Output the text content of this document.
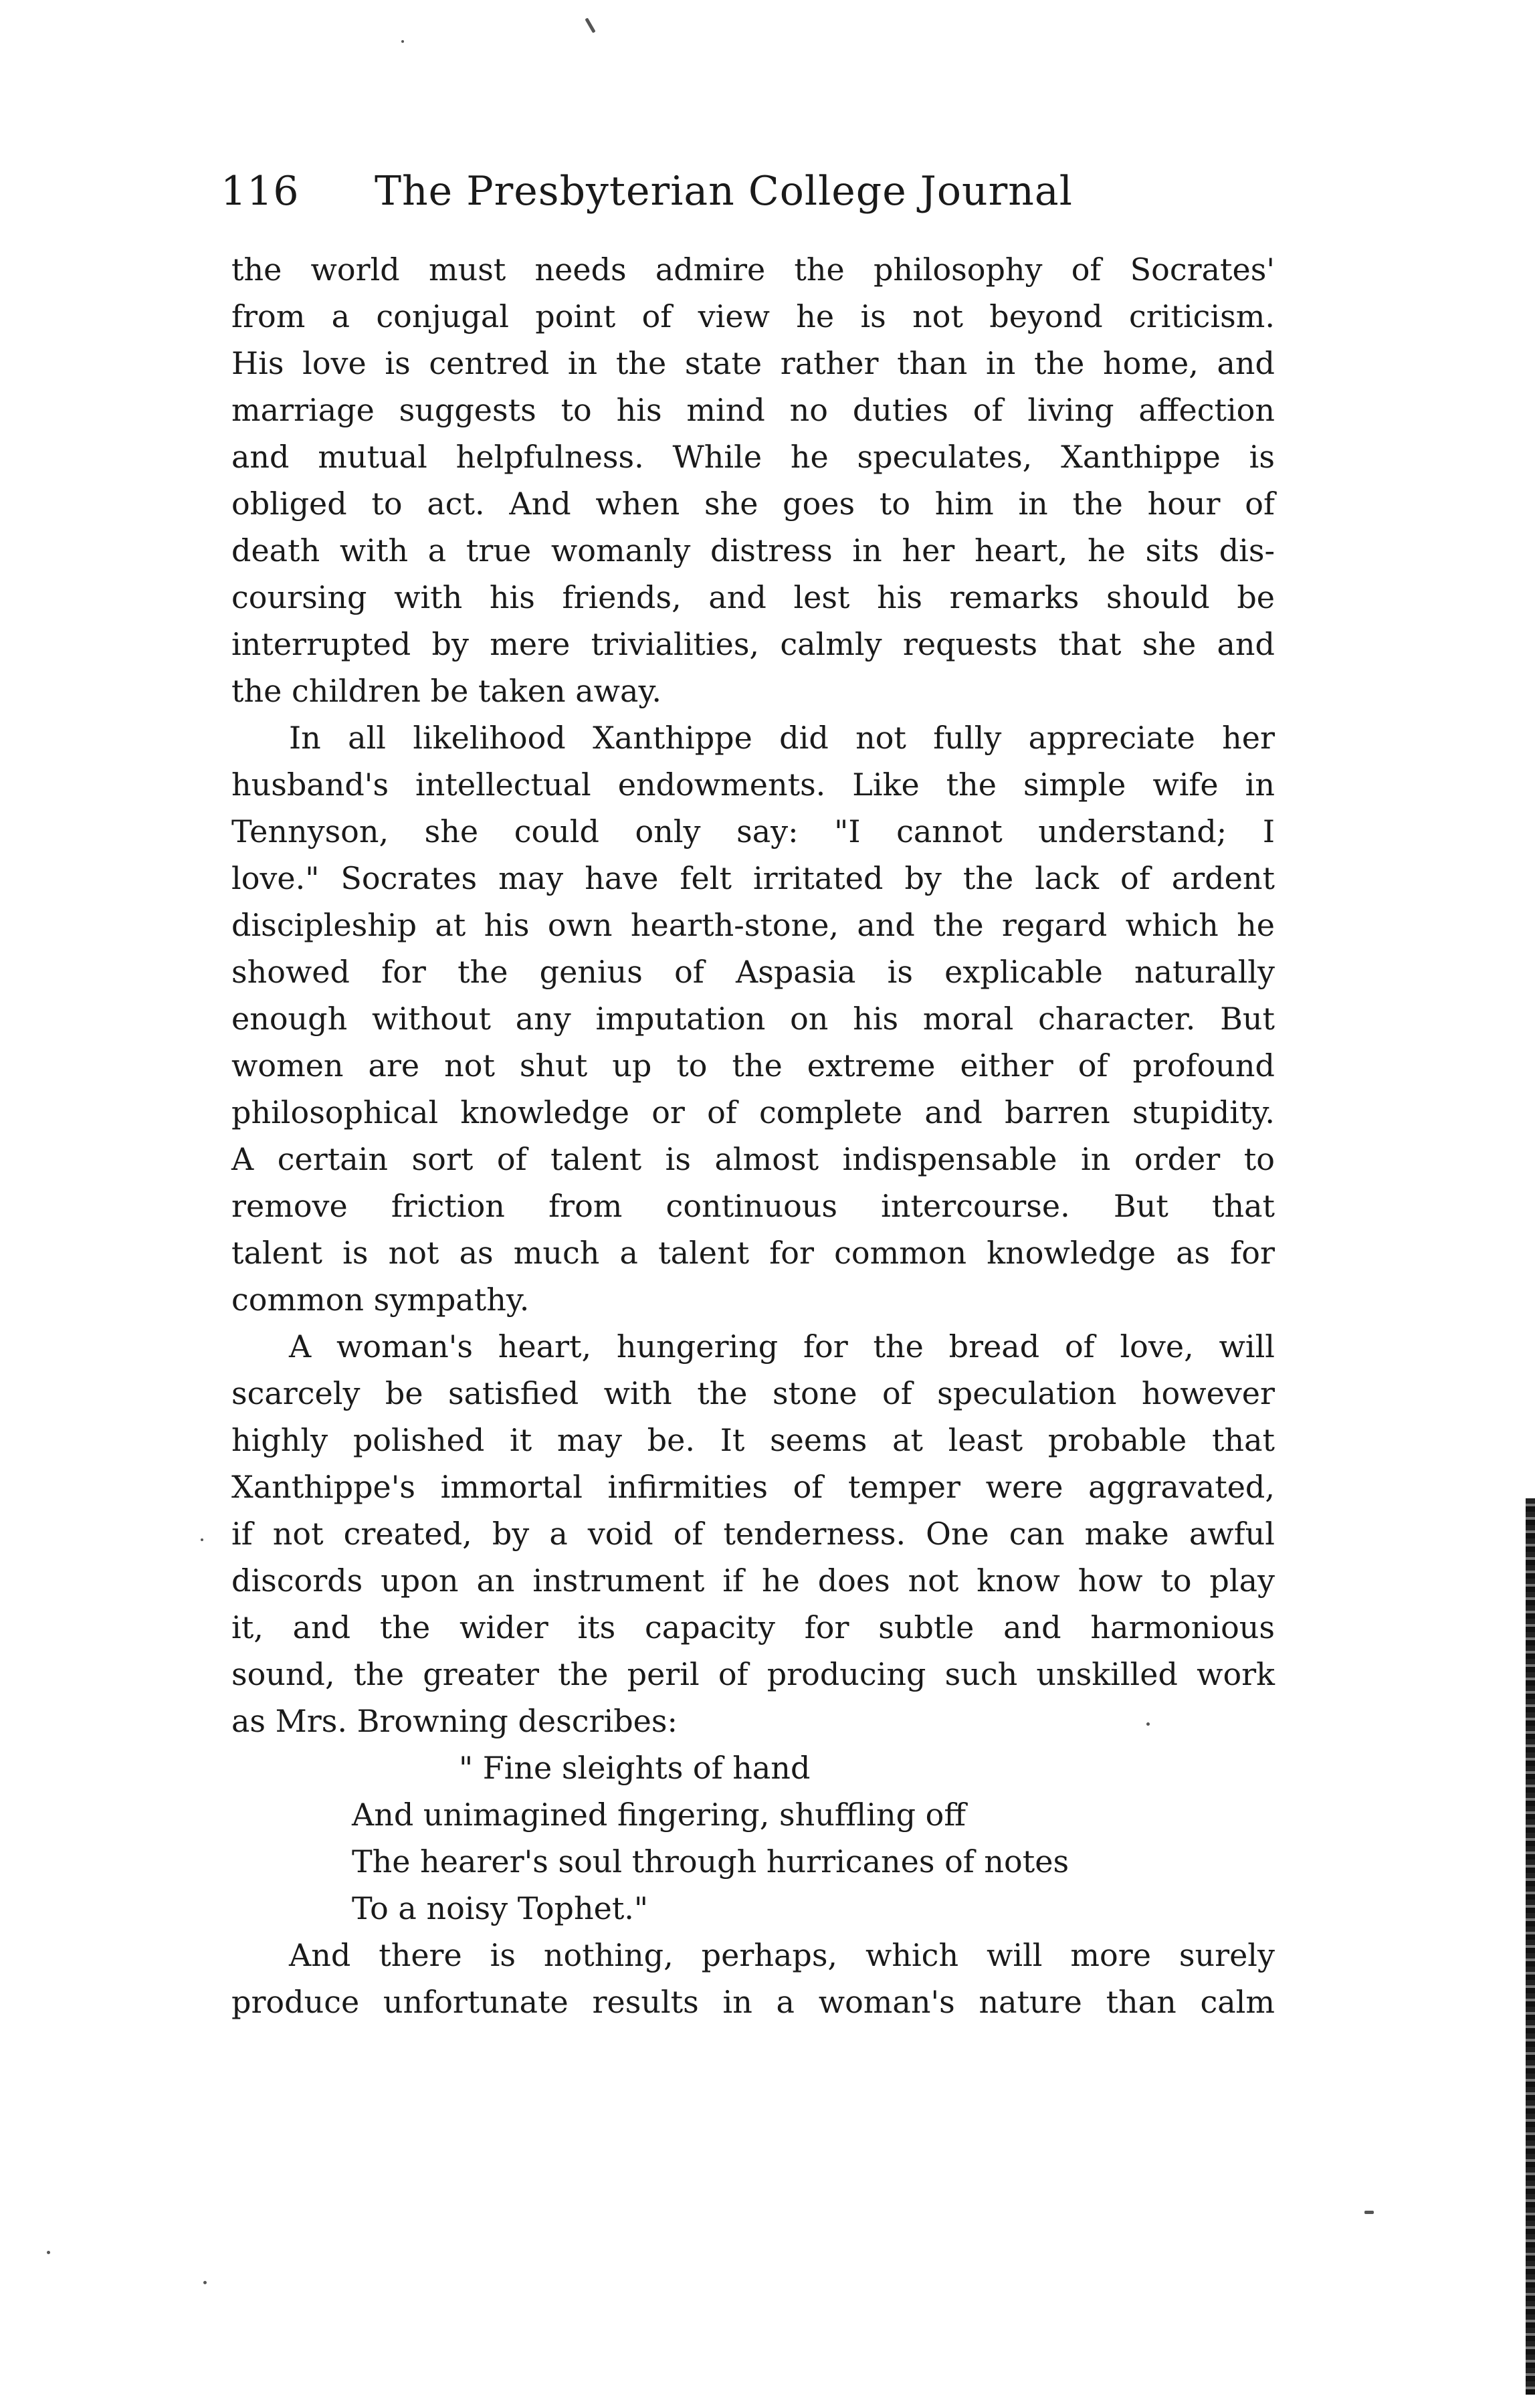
116 The Presbyterian College Journal
the world must needs admire the philosophy of Socrates'
from a conjugal point of view he is not beyond criticism.
His love is centred in the state rather than in the home, and
marriage suggests to his mind no duties of living affection
and mutual helpfulness. While he speculates, Xanthippe is
obliged to act. And when she goes to him in the hour of
death with a true womanly distress in her heart, he sits dis-
coursing with his friends, and lest his remarks should be
interrupted by mere trivialities, calmly requests that she and
the children be taken away.
In all likelihood Xanthippe did not fully appreciate her
husband's intellectual endowments. Like the simple wife in
Tennyson, she could only say: "I cannot understand; I
love." Socrates may have felt irritated by the lack of ardent
discipleship at his own hearth-stone, and the regard which he
showed for the genius of Aspasia is explicable naturally
enough without any imputation on his moral character. But
women are not shut up to the extreme either of profound
philosophical knowledge or of complete and barren stupidity.
A certain sort of talent is almost indispensable in order to
remove friction from continuous intercourse. But that
talent is not as much a talent for common knowledge as for
common sympathy.
A woman's heart, hungering for the bread of love, will
scarcely be satisfied with the stone of speculation however
highly polished it may be. It seems at least probable that
Xanthippe's immortal infirmities of temper were aggravated,
if not created, by a void of tenderness. One can make awful
discords upon an instrument if he does not know how to play
it, and the wider its capacity for subtle and harmonious
sound, the greater the peril of producing such unskilled work
as Mrs. Browning describes:
" Fine sleights of hand
And unimagined fingering, shuffling off
The hearer's soul through hurricanes of notes
To a noisy Tophet."
And there is nothing, perhaps, which will more surely
produce unfortunate results in a woman's nature than calm
